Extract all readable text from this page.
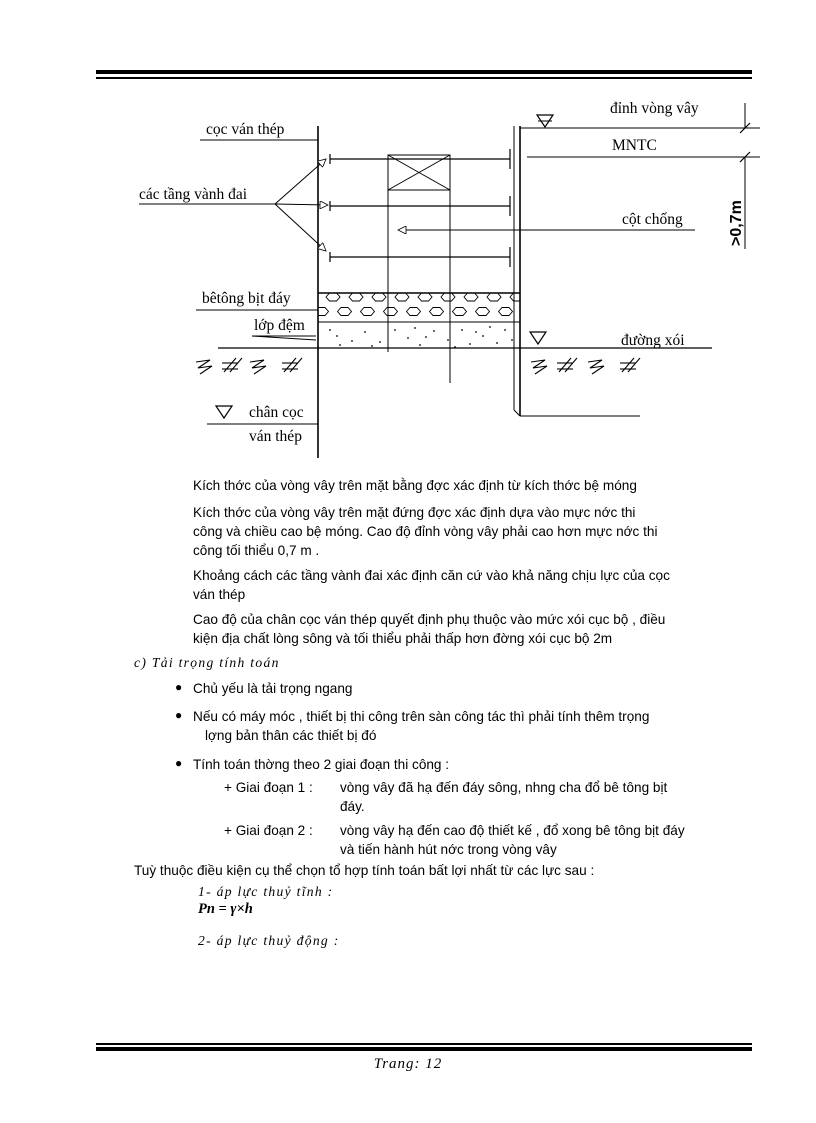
đỉnh vòng vây
MNTC
>0,7m
cột chống
cọc ván thép
các tầng vành đai
bêtông bịt đáy
lớp đệm
đường xói
chân cọc
ván thép
Kích thớc của vòng vây trên mặt bằng đợc xác định từ kích thớc bệ móng
Kích thớc của vòng vây trên mặt đứng đợc xác định dựa vào mực nớc thi
công và chiều cao bệ móng. Cao độ đỉnh vòng vây phải cao hơn mực nớc thi
công tối thiểu 0,7 m .
Khoảng cách các tầng vành đai xác định căn cứ vào khả năng chịu lực của cọc
ván thép
Cao độ của chân cọc ván thép quyết định phụ thuộc vào mức xói cục bộ , điều
kiện địa chất lòng sông và tối thiểu phải thấp hơn đờng xói cục bộ 2m
c) Tải trọng tính toán
● Chủ yếu là tải trọng ngang
● Nếu có máy móc , thiết bị thi công trên sàn công tác thì phải tính thêm trọng
lợng bản thân các thiết bị đó
● Tính toán thờng theo 2 giai đoạn thi công :
+ Giai đoạn 1 :	vòng vây đã hạ đến đáy sông, nhng cha đổ bê tông bịt
đáy.
+ Giai đoạn 2 :	vòng vây hạ đến cao độ thiết kế , đổ xong bê tông bịt đáy
và tiến hành hút nớc trong vòng vây
Tuỳ thuộc điều kiện cụ thể chọn tổ hợp tính toán bất lợi nhất từ các lực sau :
1- áp lực thuỷ tĩnh :
Pn = γ×h
2- áp lực thuỷ động :
Trang: 12
